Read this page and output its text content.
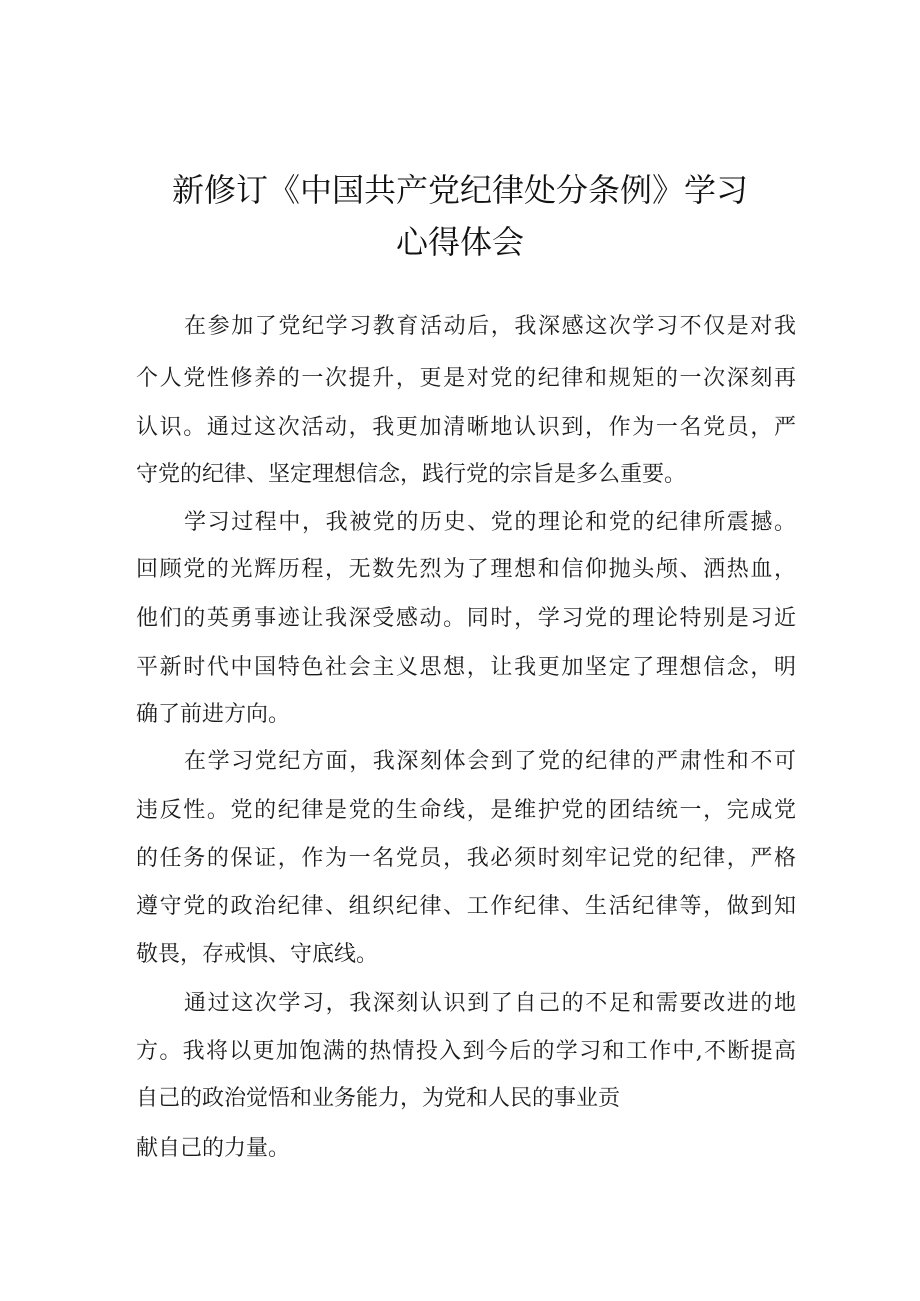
新修订《中国共产党纪律处分条例》学习
心得体会
在参加了党纪学习教育活动后，我深感这次学习不仅是对我
个人党性修养的一次提升，更是对党的纪律和规矩的一次深刻再
认识。通过这次活动，我更加清晰地认识到，作为一名党员，严
守党的纪律、坚定理想信念，践行党的宗旨是多么重要。
学习过程中，我被党的历史、党的理论和党的纪律所震撼。
回顾党的光辉历程，无数先烈为了理想和信仰抛头颅、洒热血，
他们的英勇事迹让我深受感动。同时，学习党的理论特别是习近
平新时代中国特色社会主义思想，让我更加坚定了理想信念，明
确了前进方向。
在学习党纪方面，我深刻体会到了党的纪律的严肃性和不可
违反性。党的纪律是党的生命线，是维护党的团结统一，完成党
的任务的保证，作为一名党员，我必须时刻牢记党的纪律，严格
遵守党的政治纪律、组织纪律、工作纪律、生活纪律等，做到知
敬畏，存戒惧、守底线。
通过这次学习，我深刻认识到了自己的不足和需要改进的地
方。我将以更加饱满的热情投入到今后的学习和工作中,不断提高
自己的政治觉悟和业务能力，为党和人民的事业贡
献自己的力量。
